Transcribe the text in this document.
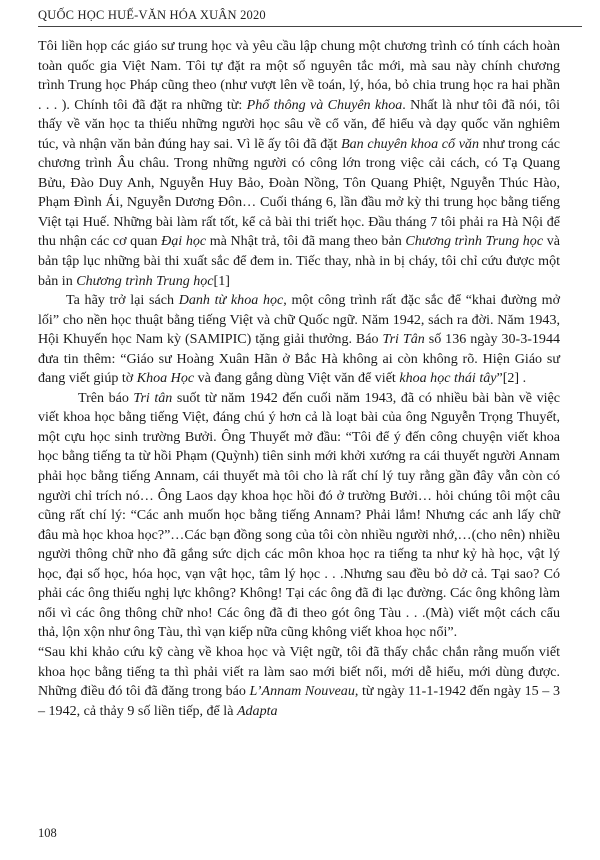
QUỐC HỌC HUẾ-VĂN HÓA XUÂN 2020

Tôi liền họp các giáo sư trung học và yêu cầu lập chung một chương trình có tính cách hoàn toàn quốc gia Việt Nam. Tôi tự đặt ra một số nguyên tắc mới, mà sau này chính chương trình Trung học Pháp cũng theo (như vượt lên về toán, lý, hóa, bỏ chia trung học ra hai phần . . . ). Chính tôi đã đặt ra những từ: Phổ thông và Chuyên khoa. Nhất là như tôi đã nói, tôi thấy về văn học ta thiếu những người học sâu về cổ văn, để hiểu và dạy quốc văn nghiêm túc, và nhận văn bản đúng hay sai. Vì lẽ ấy tôi đã đặt Ban chuyên khoa cổ văn như trong các chương trình Âu châu. Trong những người có công lớn trong việc cải cách, có Tạ Quang Bửu, Đào Duy Anh, Nguyễn Huy Bảo, Đoàn Nồng, Tôn Quang Phiệt, Nguyễn Thúc Hào, Phạm Đình Ái, Nguyễn Dương Đôn… Cuối tháng 6, lần đầu mở kỳ thi trung học bằng tiếng Việt tại Huế. Những bài làm rất tốt, kể cả bài thi triết học. Đầu tháng 7 tôi phải ra Hà Nội để thu nhận các cơ quan Đại học mà Nhật trả, tôi đã mang theo bản Chương trình Trung học và bản tập lục những bài thi xuất sắc để đem in. Tiếc thay, nhà in bị cháy, tôi chỉ cứu được một bản in Chương trình Trung học[1]

Ta hãy trở lại sách Danh từ khoa học, một công trình rất đặc sắc để “khai đường mở lối” cho nền học thuật bằng tiếng Việt và chữ Quốc ngữ. Năm 1942, sách ra đời. Năm 1943, Hội Khuyến học Nam kỳ (SAMIPIC) tặng giải thưởng. Báo Tri Tân số 136 ngày 30-3-1944 đưa tin thêm: “Giáo sư Hoàng Xuân Hãn ở Bắc Hà không ai còn không rõ. Hiện Giáo sư đang viết giúp tờ Khoa Học và đang gắng dùng Việt văn để viết khoa học thái tây”[2] .

Trên báo Tri tân suốt từ năm 1942 đến cuối năm 1943, đã có nhiều bài bàn về việc viết khoa học bằng tiếng Việt, đáng chú ý hơn cả là loạt bài của ông Nguyễn Trọng Thuyết, một cựu học sinh trường Bưởi. Ông Thuyết mở đầu: “Tôi để ý đến công chuyện viết khoa học bằng tiếng ta từ hồi Phạm (Quỳnh) tiên sinh mới khởi xướng ra cái thuyết người Annam phải học bằng tiếng Annam, cái thuyết mà tôi cho là rất chí lý tuy rằng gần đây vẫn còn có người chỉ trích nó… Ông Laos dạy khoa học hồi đó ở trường Bưởi… hỏi chúng tôi một câu cũng rất chí lý: “Các anh muốn học bằng tiếng Annam? Phải lắm! Nhưng các anh lấy chữ đâu mà học khoa học?”…Các bạn đồng song của tôi còn nhiều người nhớ,…(cho nên) nhiều người thông chữ nho đã gắng sức dịch các môn khoa học ra tiếng ta như kỷ hà học, vật lý học, đại số học, hóa học, vạn vật học, tâm lý học . . .Nhưng sau đều bỏ dở cả. Tại sao? Có phải các ông thiếu nghị lực không? Không! Tại các ông đã đi lạc đường. Các ông không làm nổi vì các ông thông chữ nho! Các ông đã đi theo gót ông Tàu . . .(Mà) viết một cách cẩu thả, lộn xộn như ông Tàu, thì vạn kiếp nữa cũng không viết khoa học nổi”.

“Sau khi khảo cứu kỹ càng về khoa học và Việt ngữ, tôi đã thấy chắc chắn rằng muốn viết khoa học bằng tiếng ta thì phải viết ra làm sao mới biết nổi, mới dễ hiểu, mới dùng được. Những điều đó tôi đã đăng trong báo L’Annam Nouveau, từ ngày 11-1-1942 đến ngày 15 – 3 – 1942, cả thảy 9 số liền tiếp, để là Adapta

108
